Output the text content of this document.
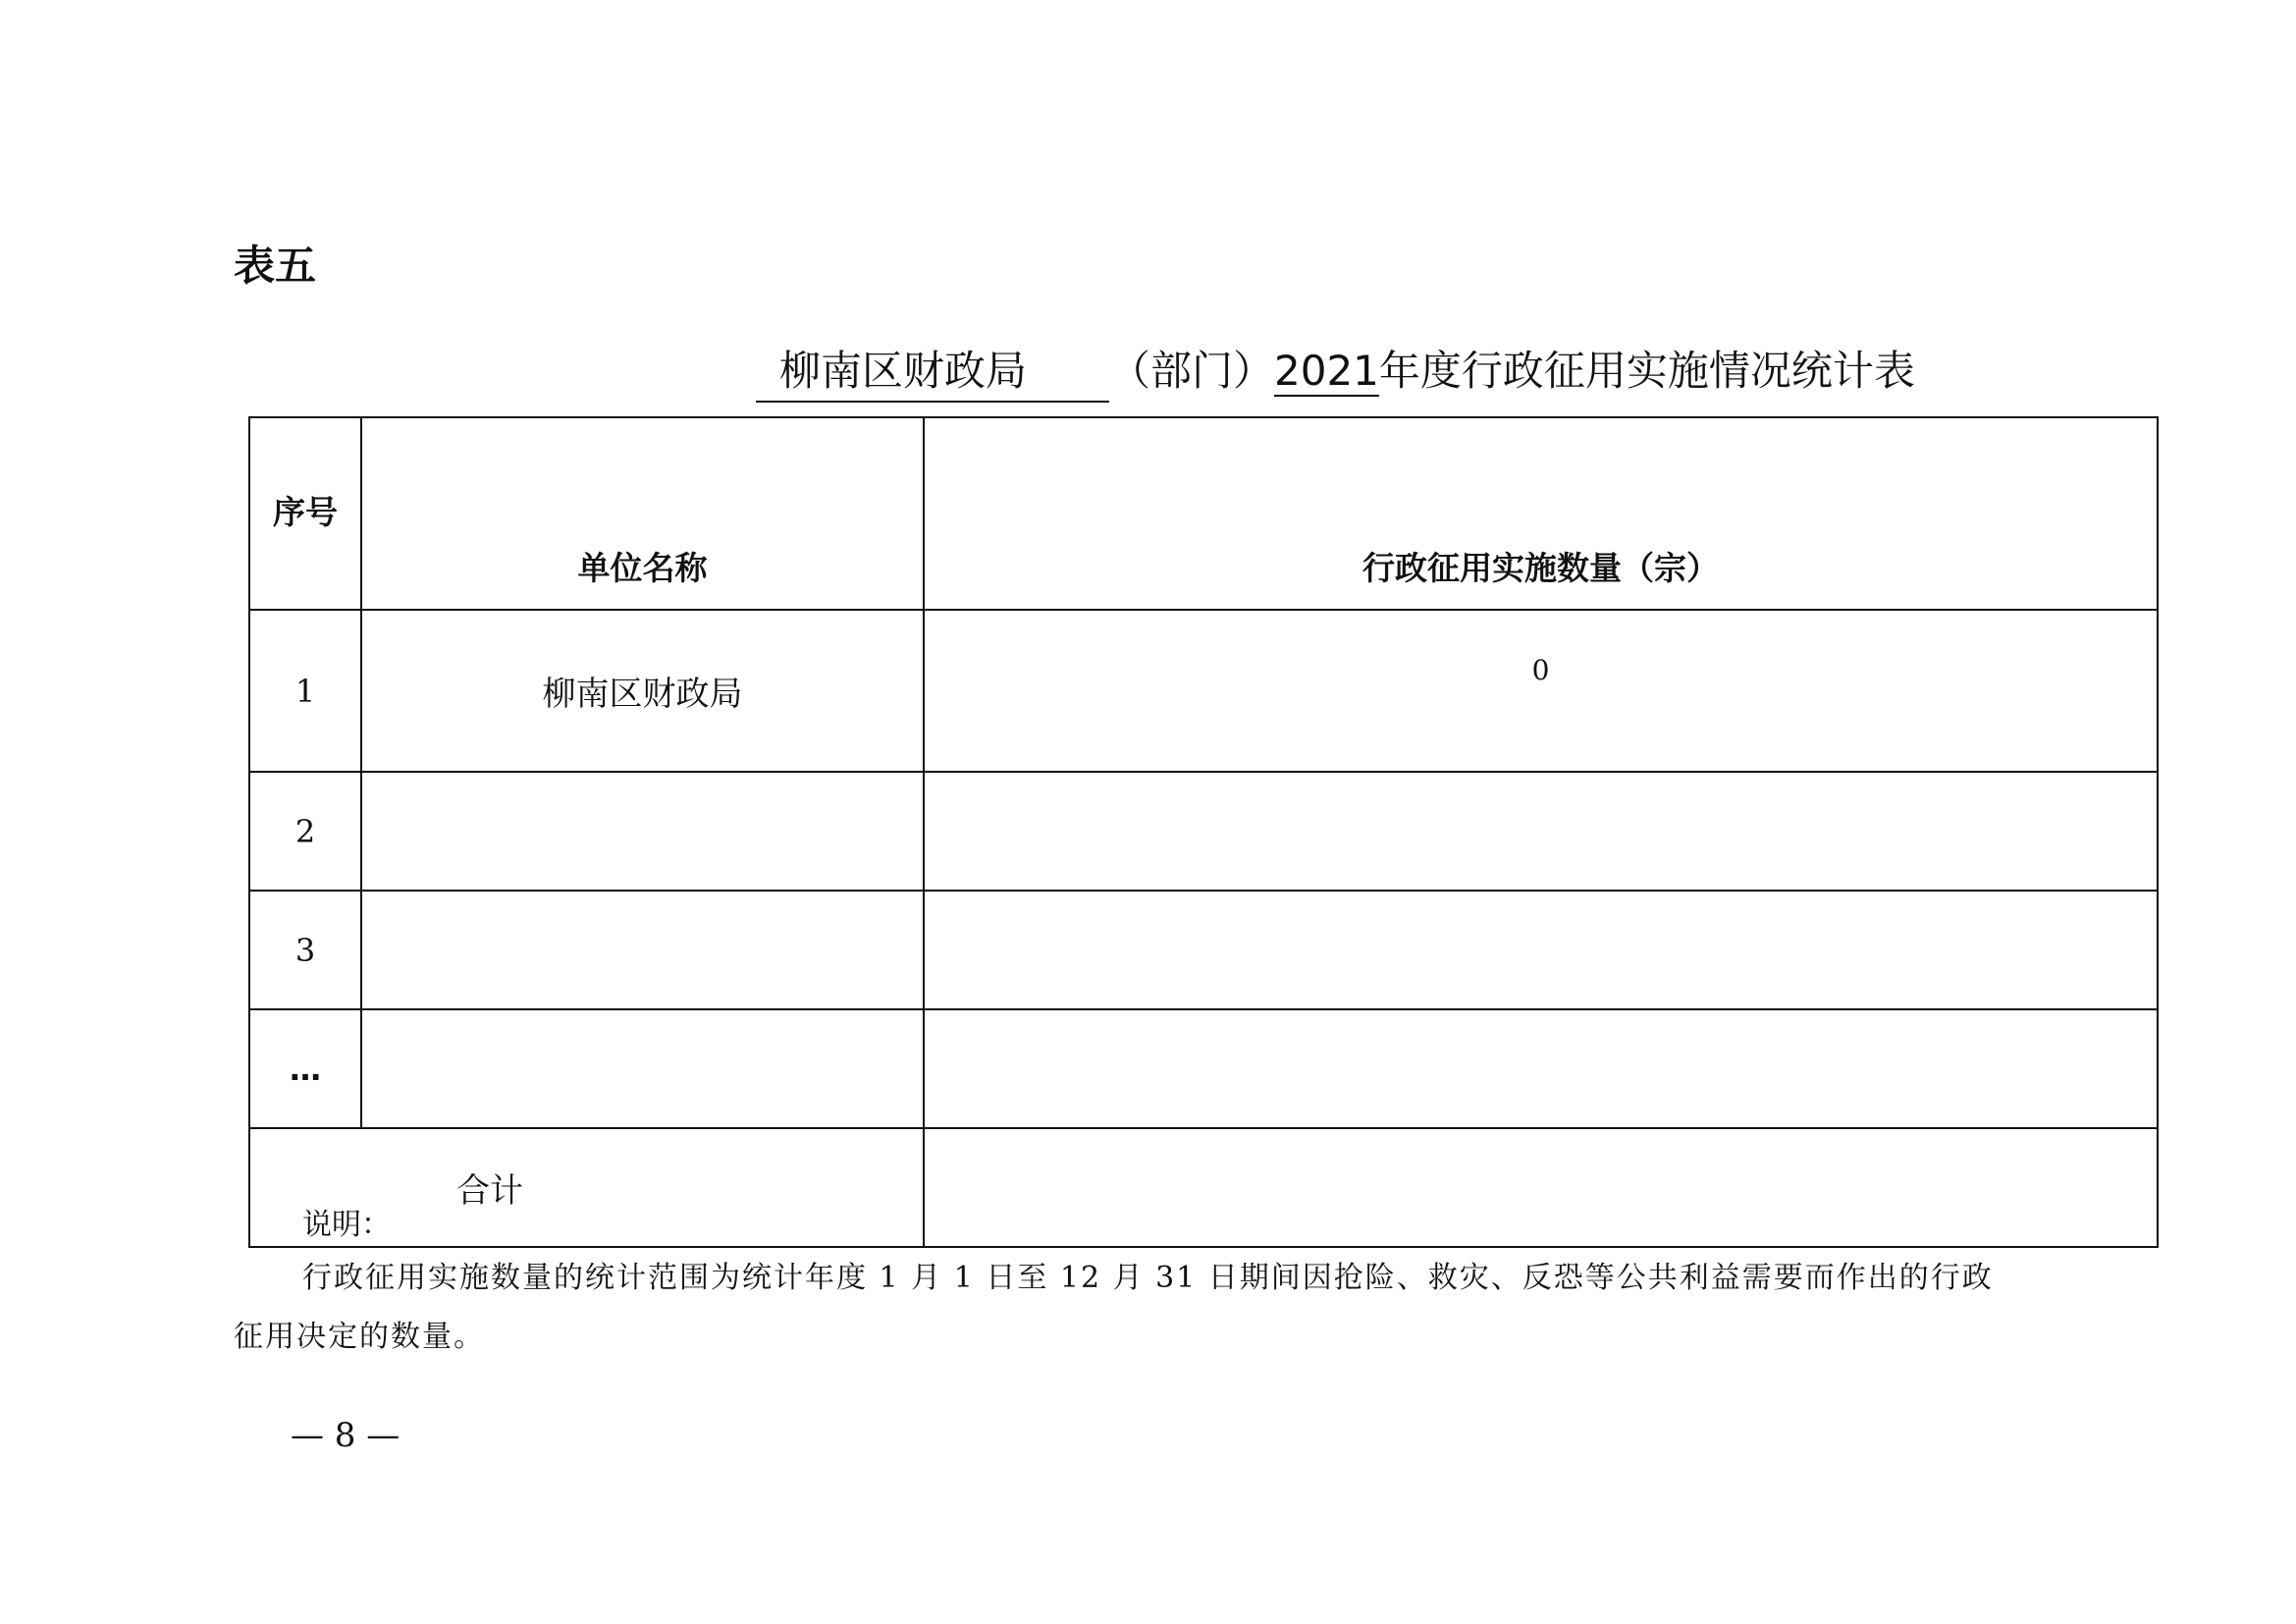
表五
柳南区财政局 （部门）2021年度行政征用实施情况统计表
序号	单位名称	行政征用实施数量（宗）
1	柳南区财政局	0
2		
3		
…		
合计		
说明：
行政征用实施数量的统计范围为统计年度 1 月 1 日至 12 月 31 日期间因抢险、救灾、反恐等公共利益需要而作出的行政征用决定的数量。
— 8 —
